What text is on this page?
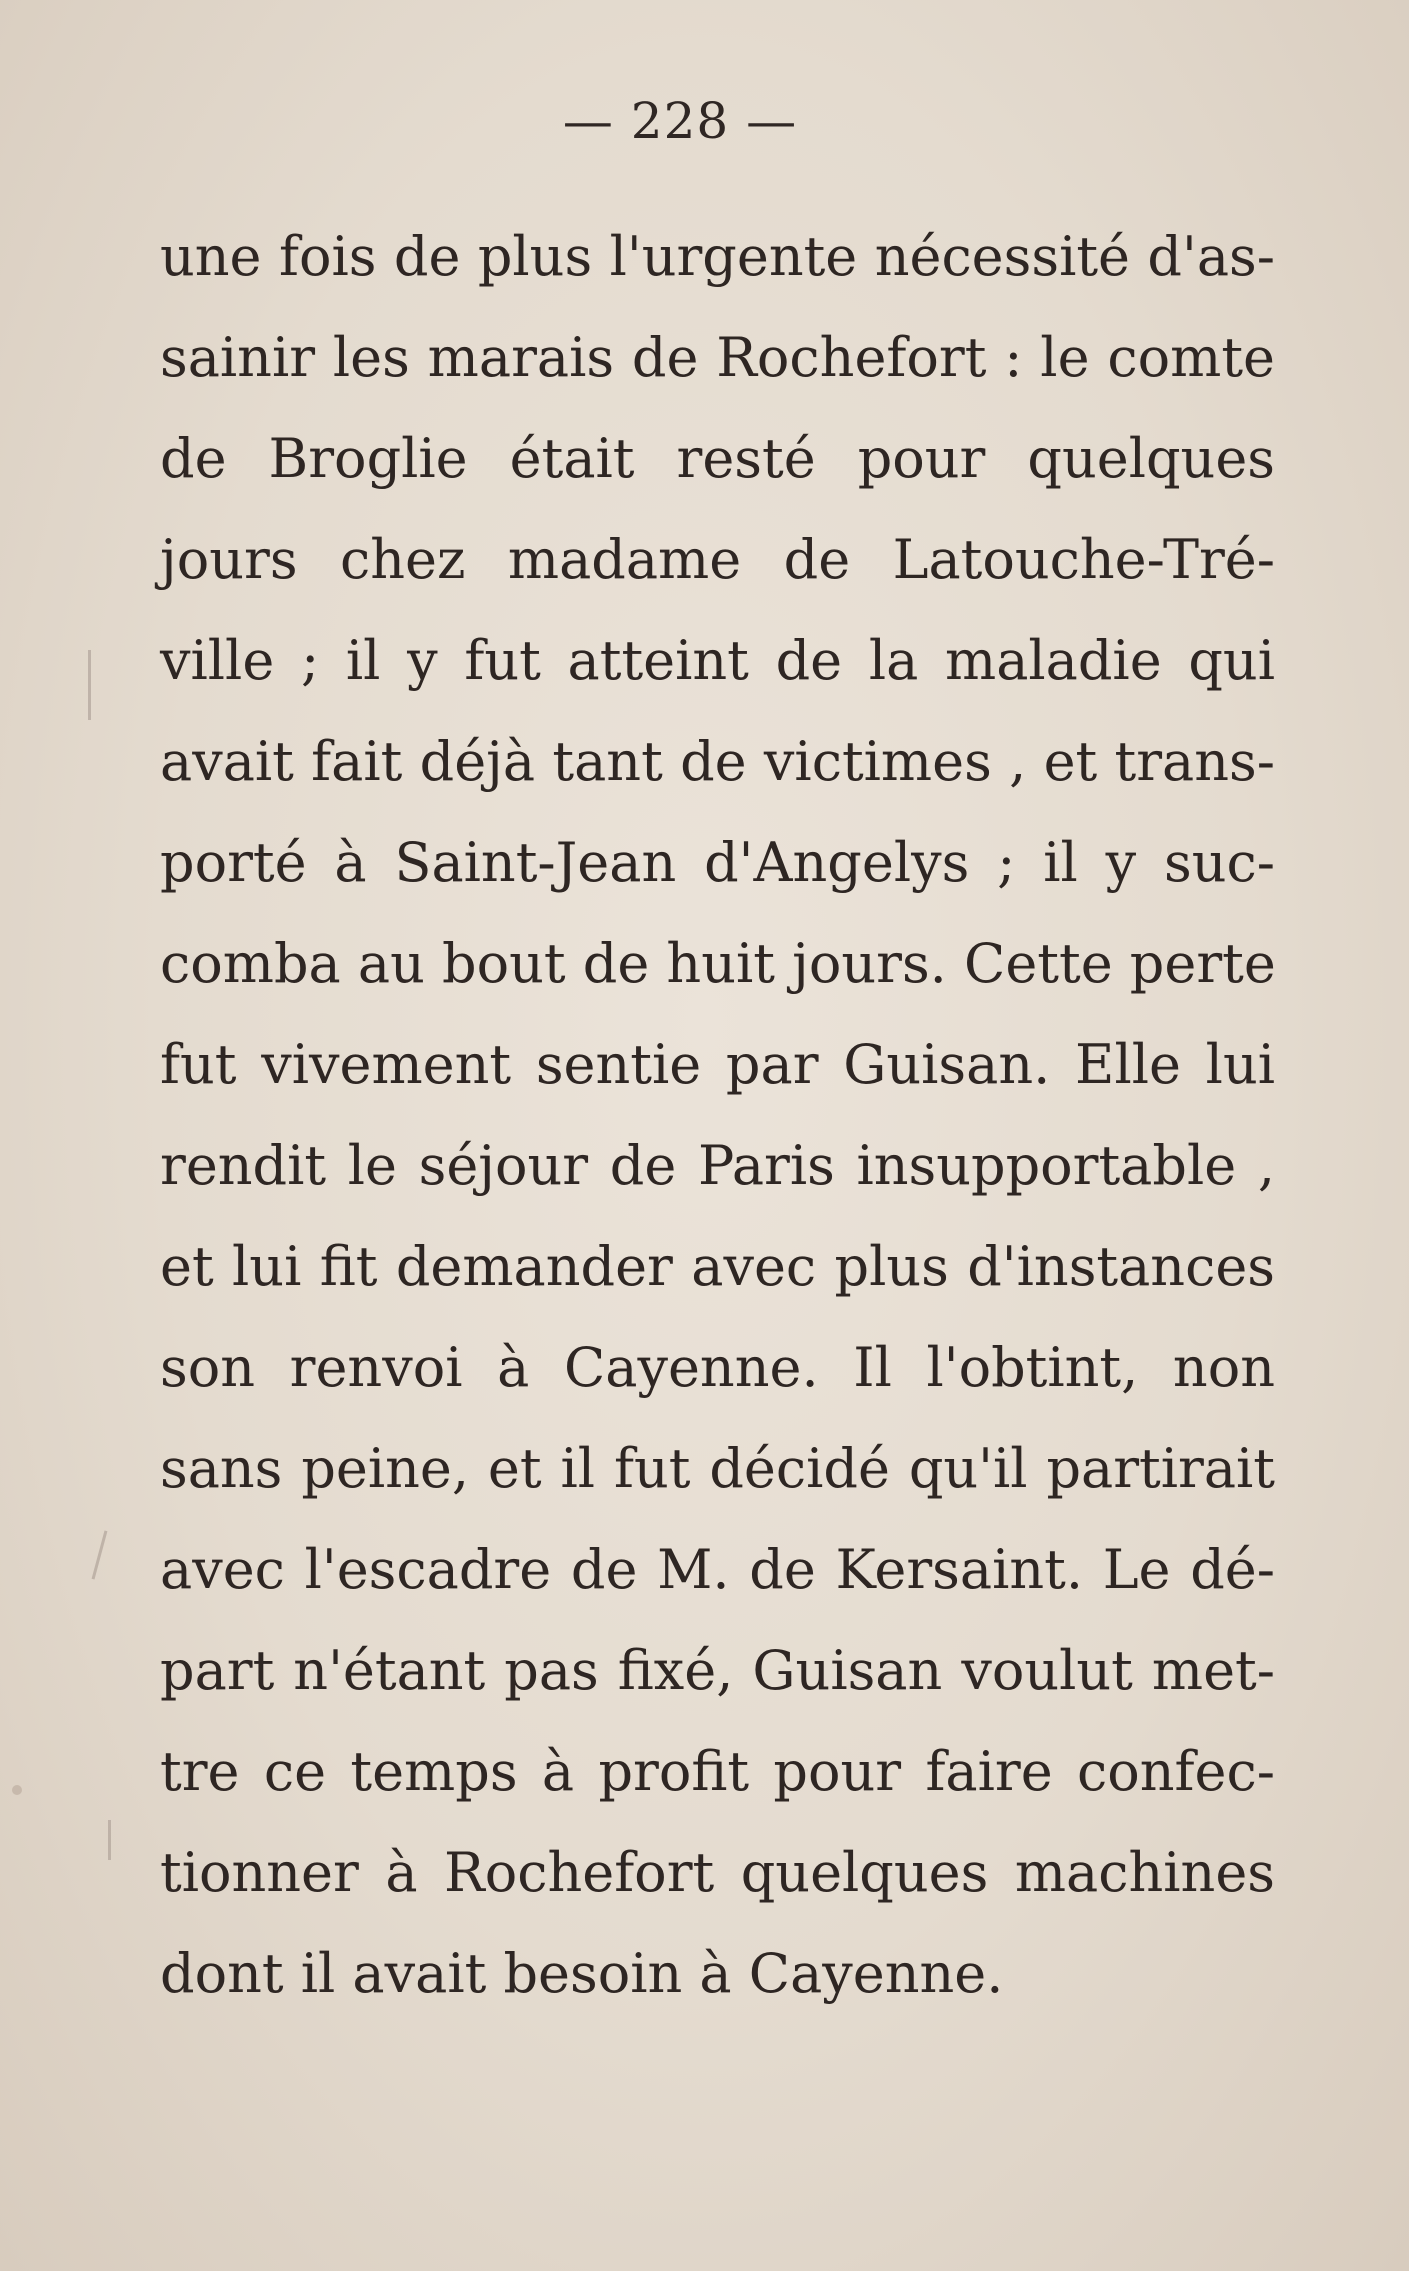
— 228 —
une fois de plus l'urgente nécessité d'as-
sainir les marais de Rochefort : le comte
de Broglie était resté pour quelques
jours chez madame de Latouche-Tré-
ville ; il y fut atteint de la maladie qui
avait fait déjà tant de victimes , et trans-
porté à Saint-Jean d'Angelys ; il y suc-
comba au bout de huit jours. Cette perte
fut vivement sentie par Guisan. Elle lui
rendit le séjour de Paris insupportable ,
et lui fit demander avec plus d'instances
son renvoi à Cayenne. Il l'obtint, non
sans peine, et il fut décidé qu'il partirait
avec l'escadre de M. de Kersaint. Le dé-
part n'étant pas fixé, Guisan voulut met-
tre ce temps à profit pour faire confec-
tionner à Rochefort quelques machines
dont il avait besoin à Cayenne.
